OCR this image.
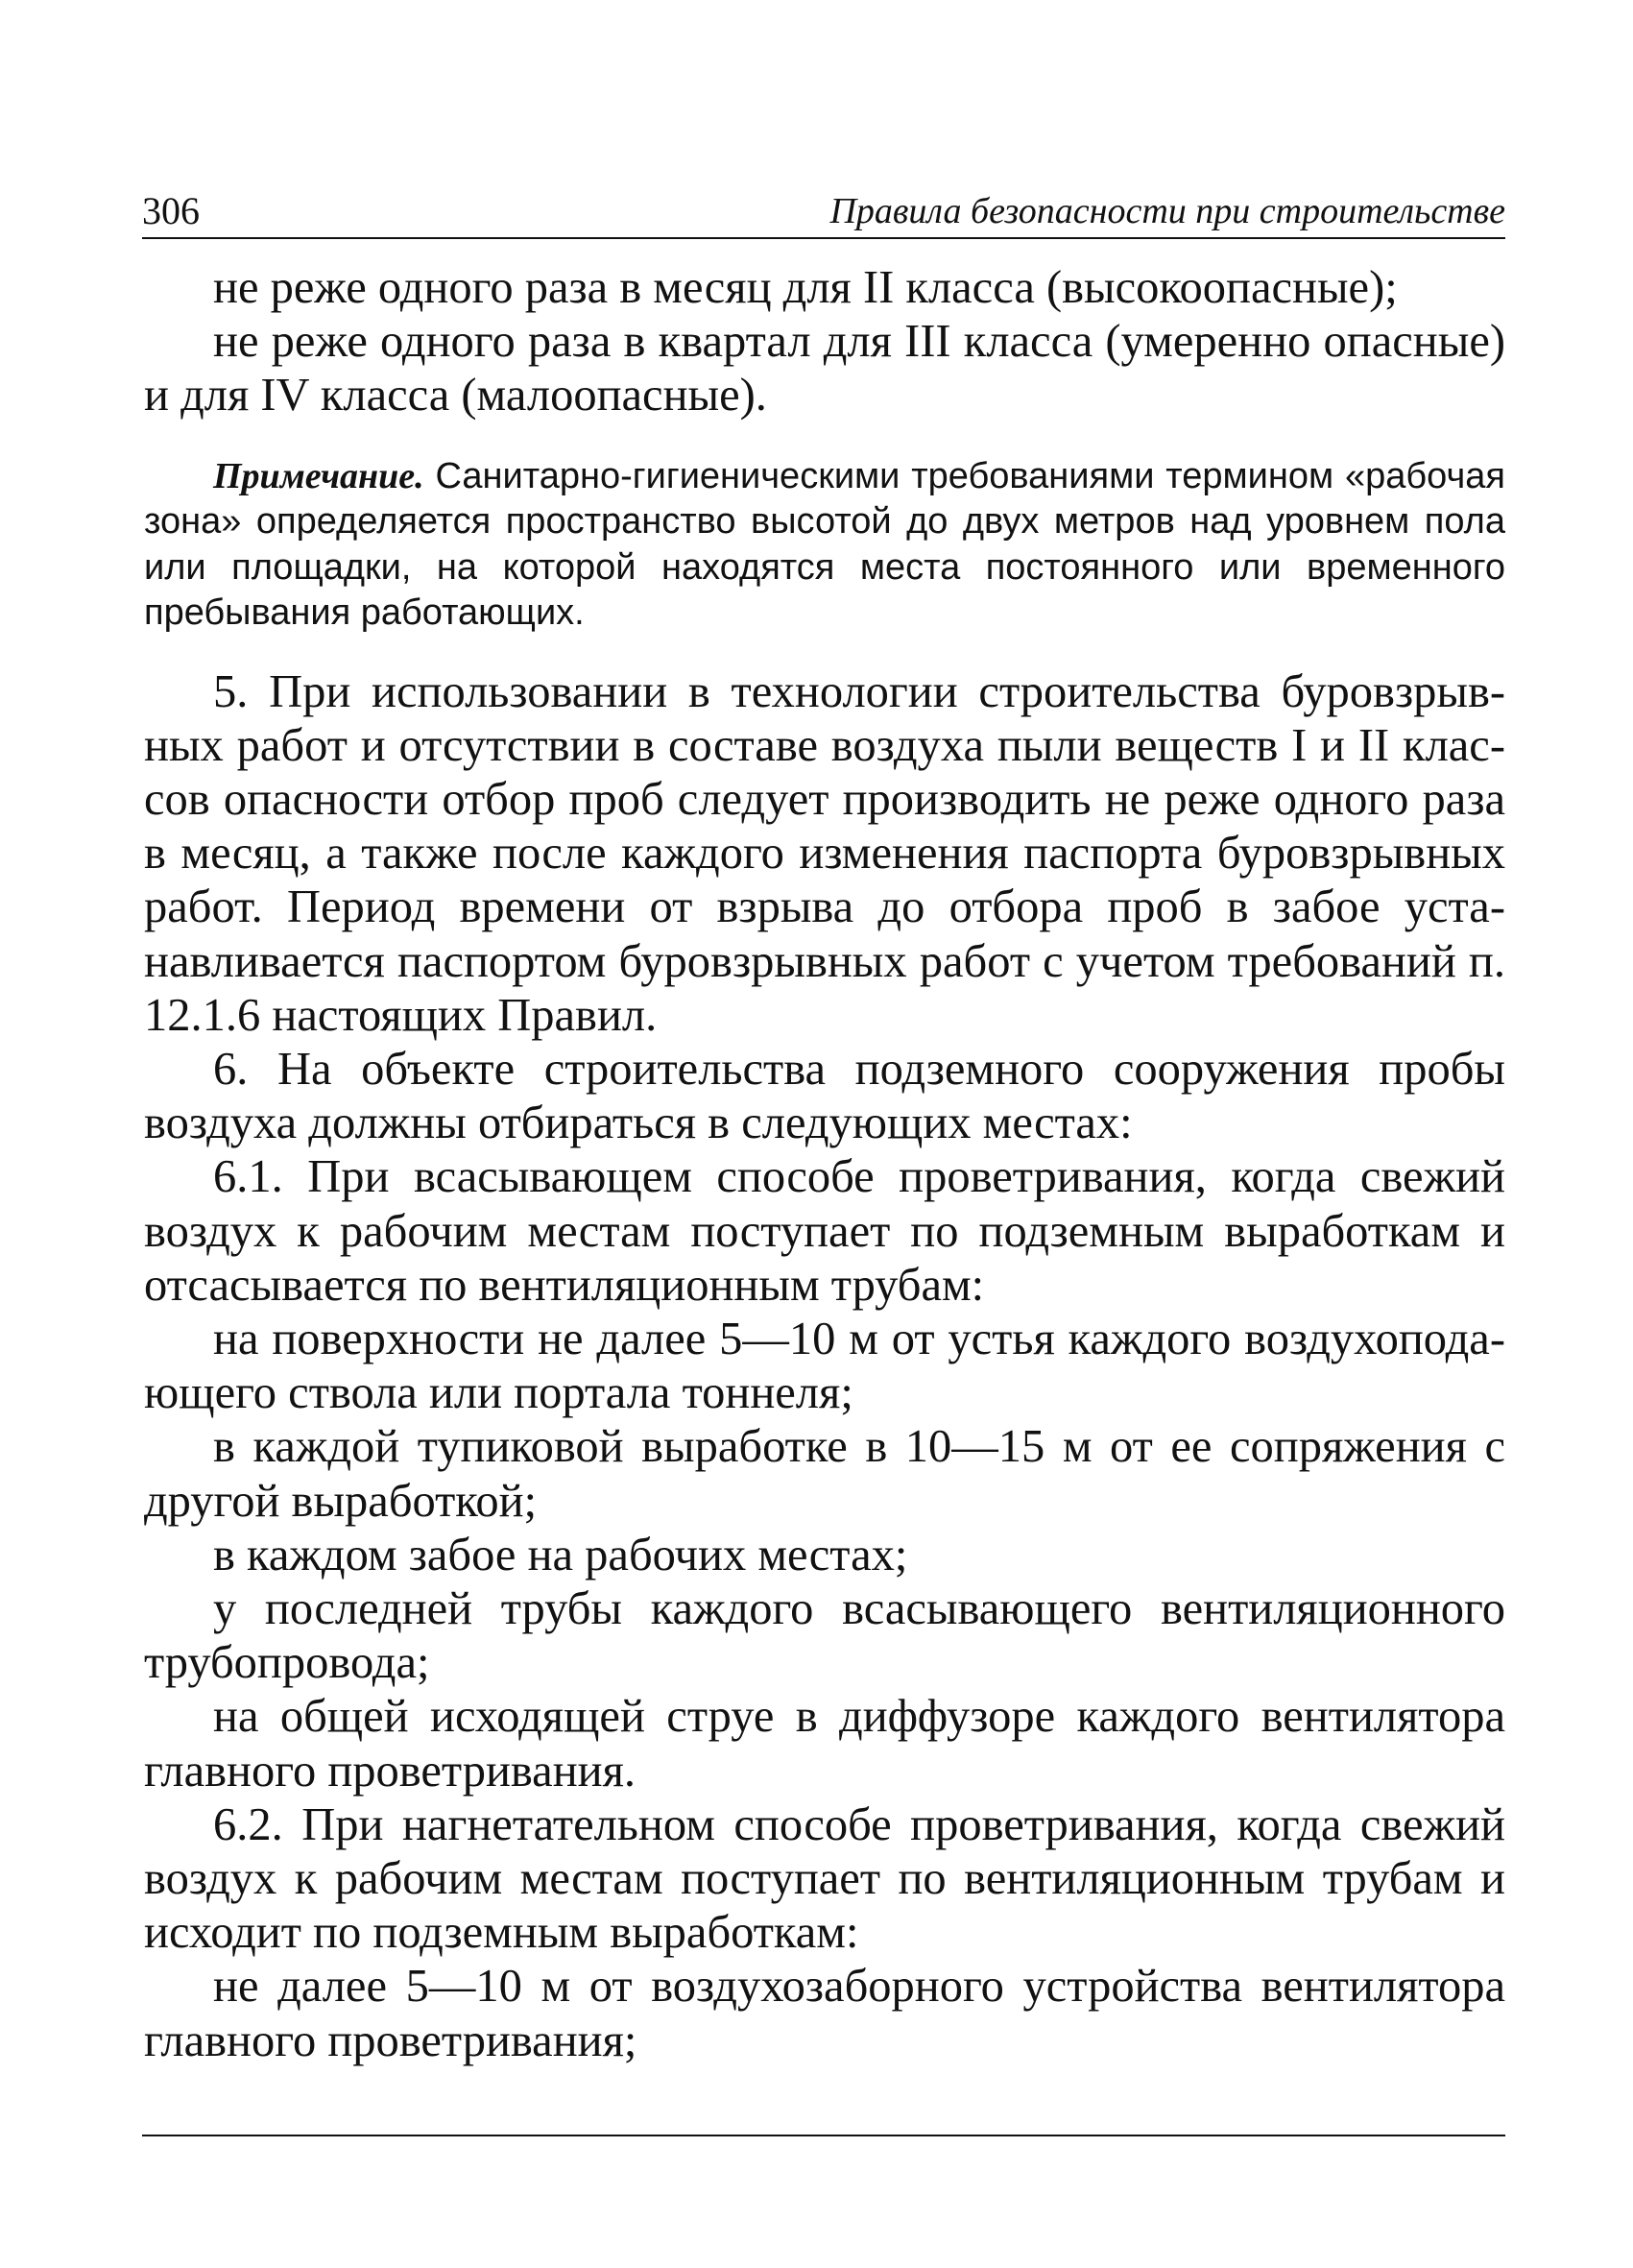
306	Правила безопасности при строительстве

не реже одного раза в месяц для II класса (высокоопасные);

не реже одного раза в квартал для III класса (умеренно опасные) и для IV класса (малоопасные).

Примечание. Санитарно-гигиеническими требованиями термином «рабочая зона» определяется пространство высотой до двух метров над уровнем пола или площадки, на которой находятся места постоянного или временного пребывания работающих.

5. При использовании в технологии строительства буровзрывных работ и отсутствии в составе воздуха пыли веществ I и II классов опасности отбор проб следует производить не реже одного раза в месяц, а также после каждого изменения паспорта буровзрывных работ. Период времени от взрыва до отбора проб в забое устанавливается паспортом буровзрывных работ с учетом требований п. 12.1.6 настоящих Правил.

6. На объекте строительства подземного сооружения пробы воздуха должны отбираться в следующих местах:

6.1. При всасывающем способе проветривания, когда свежий воздух к рабочим местам поступает по подземным выработкам и отсасывается по вентиляционным трубам:

на поверхности не далее 5—10 м от устья каждого воздухоподающего ствола или портала тоннеля;

в каждой тупиковой выработке в 10—15 м от ее сопряжения с другой выработкой;

в каждом забое на рабочих местах;

у последней трубы каждого всасывающего вентиляционного трубопровода;

на общей исходящей струе в диффузоре каждого вентилятора главного проветривания.

6.2. При нагнетательном способе проветривания, когда свежий воздух к рабочим местам поступает по вентиляционным трубам и исходит по подземным выработкам:

не далее 5—10 м от воздухозаборного устройства вентилятора главного проветривания;
